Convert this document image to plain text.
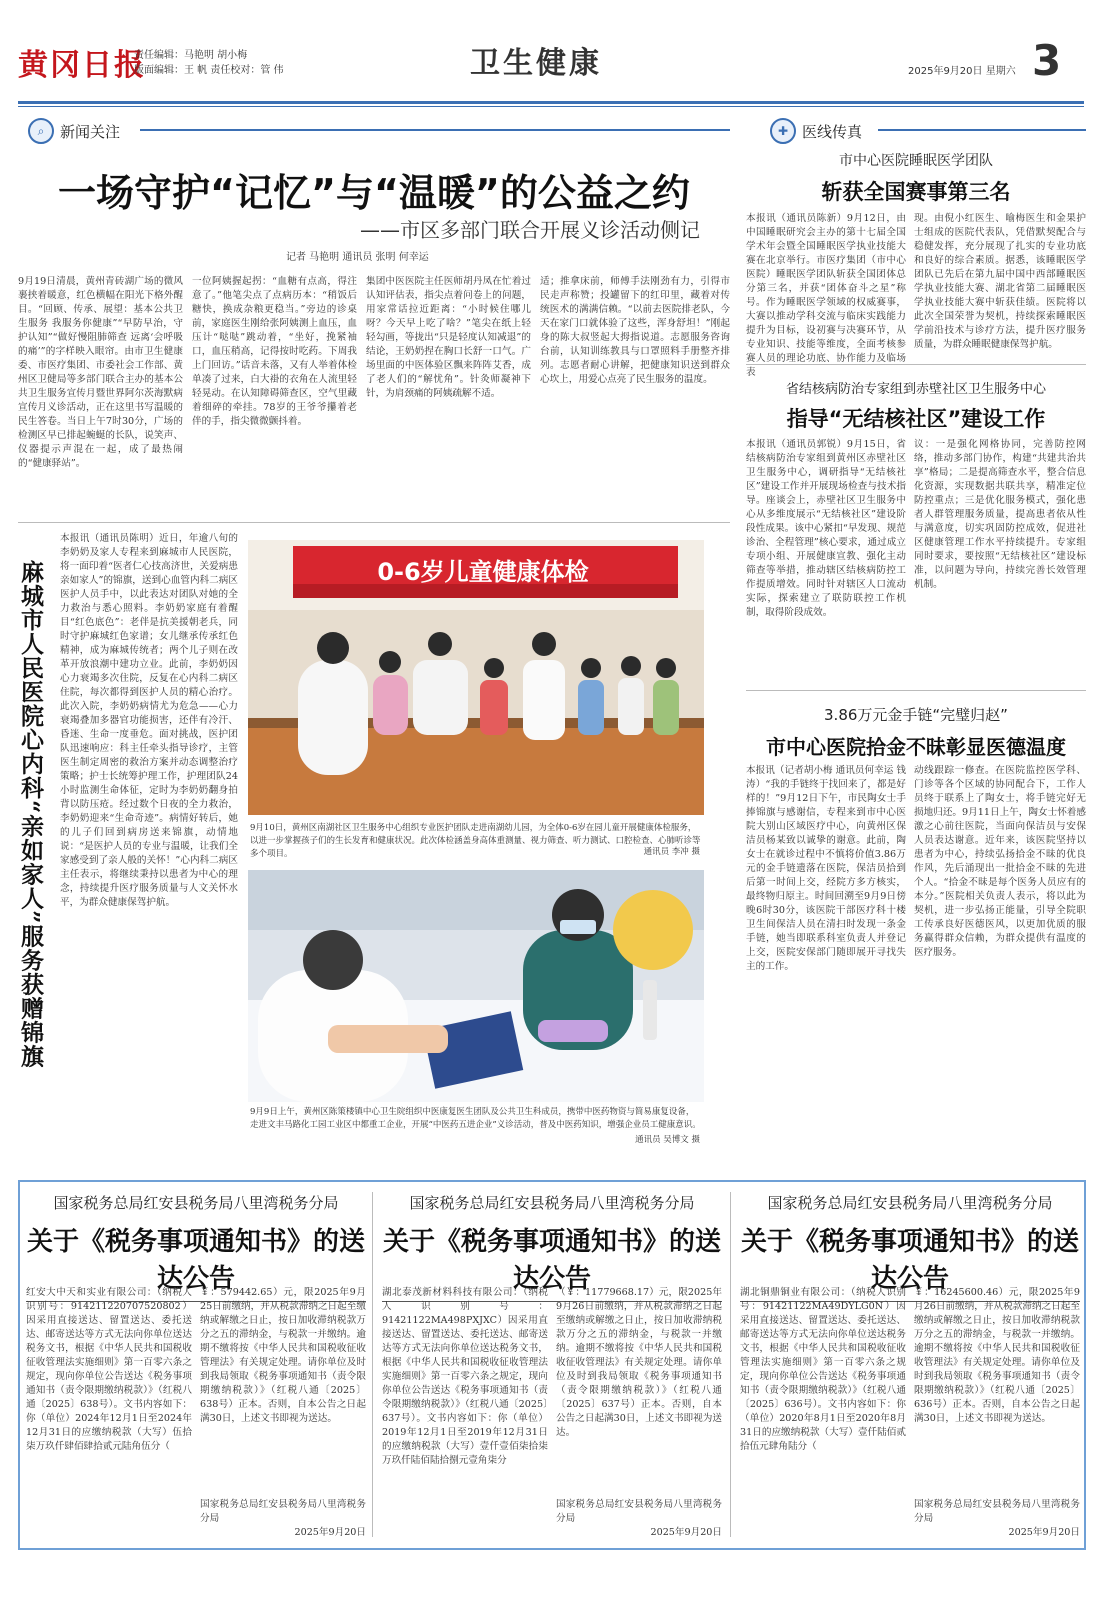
黄冈日报
责任编辑：马艳明 胡小梅
版面编辑：王 帆 责任校对：管 伟	卫生健康	2025年9月20日 星期六 3
⌕	新闻关注	✚ 医线传真
一场守护“记忆”与“温暖”的公益之约
——市区多部门联合开展义诊活动侧记
记者 马艳明 通讯员 张明 何幸运
9月19日清晨，黄州青砖湖广场的微风裹挟着暖意，红色横幅在阳光下格外醒目。“回顾、传承、展望：基本公共卫生服务 我服务你健康”“早防早治，守护认知”“做好慢阻肺筛查 远离‘会呼吸的痛’”的字样映入眼帘。由市卫生健康委、市医疗集团、市委社会工作部、黄州区卫健局等多部门联合主办的基本公共卫生服务宣传月暨世界阿尔茨海默病宣传月义诊活动，正在这里书写温暖的民生答卷。当日上午7时30分，广场的检测区早已排起蜿蜒的长队，说笑声、仪器提示声混在一起，成了最热闹的“健康驿站”。
一位阿姨握起拐：“血糖有点高，得注意了。”他笔尖点了点病历本：“稍饭后糖快，换成杂粮更稳当。”旁边的诊桌前，家庭医生刚给张阿姨测上血压，血压计“哒哒”跳动着，“坐好，挽紧袖口，血压稍高，记得按时吃药。下周我上门回访。”话音未落，又有人举着体检单凑了过来，白大褂的衣角在人流里轻轻晃动。在认知障碍筛查区，空气里藏着细碎的牵挂。78岁的王爷爷攥着老伴的手，指尖微微颤抖着。
集团中医医院主任医师胡丹凤在忙着过认知评估表，指尖点着问卷上的问题，用家常话拉近距离：“小时候住哪儿呀？今天早上吃了啥？”笔尖在纸上轻轻勾画，等拢出“只是轻度认知减退”的结论，王奶奶捏在胸口长舒一口气。广场里面的中医体验区飘来阵阵艾香，成了老人们的“解忧角”。针灸师凝神下针，为肩颈痛的阿姨疏解不适。
适；推拿床前，师傅手法刚劲有力，引得市民走声称赞；投罐留下的红印里，藏着对传统医术的满满信赖。“以前去医院排老队，今天在家门口就体验了这些，浑身舒坦！”刚起身的陈大叔竖起大拇指说道。志愿服务咨询台前，认知训练教具与口罩照料手册整齐排列。志愿者耐心讲解，把健康知识送到群众心坎上，用爱心点亮了民生服务的温度。
麻城市人民医院心内科“亲如家人”服务获赠锦旗
本报讯（通讯员陈明）近日，年逾八旬的李奶奶及家人专程来到麻城市人民医院，将一面印着“医者仁心技高济世，关爱病患亲如家人”的锦旗，送到心血管内科二病区医护人员手中，以此表达对团队对她的全力救治与悉心照料。李奶奶家庭有着醒目“红色底色”：老伴是抗美援朝老兵，同时守护麻城红色家谱；女儿继承传承红色精神，成为麻城传统者；两个儿子则在改革开放浪潮中建功立业。此前，李奶奶因心力衰竭多次住院，反复在心内科二病区住院，每次都得到医护人员的精心治疗。此次入院，李奶奶病情尤为危急——心力衰竭叠加多器官功能损害，还伴有冷汗、昏迷、生命一度垂危。面对挑战，医护团队迅速响应：科主任牵头指导诊疗，主管医生制定周密的救治方案并动态调整治疗策略；护士长统筹护理工作，护理团队24小时监测生命体征，定时为李奶奶翻身拍背以防压疮。经过数个日夜的全力救治，李奶奶迎来“生命奇迹”。病情好转后，她的儿子们回到病房送来锦旗，动情地说：“是医护人员的专业与温暖，让我们全家感受到了亲人般的关怀！”心内科二病区主任表示，将继续秉持以患者为中心的理念，持续提升医疗服务质量与人文关怀水平，为群众健康保驾护航。
0-6岁儿童健康体检
9月10日，黄州区南湖社区卫生服务中心组织专业医护团队走进南湖幼儿园，为全体0-6岁在园儿童开展健康体检服务，以进一步掌握孩子们的生长发育和健康状况。此次体检涵盖身高体重测量、视力筛查、听力测试、口腔检查、心肺听诊等多个项目。	通讯员 李冲 摄
9月9日上午，黄州区陈策楼镇中心卫生院组织中医康复医生团队及公共卫生科成员，携带中医药物资与简易康复设备，走进文丰马路化工园工业区中都重工企业，开展“中医药五进企业”义诊活动，普及中医药知识，增强企业员工健康意识。
通讯员 吴博文 摄
市中心医院睡眠医学团队
斩获全国赛事第三名
本报讯（通讯员陈新）9月12日，由中国睡眠研究会主办的第十七届全国学术年会暨全国睡眠医学执业技能大赛在北京举行。市医疗集团（市中心医院）睡眠医学团队斩获全国团体总分第三名，并获“团体奋斗之星”称号。作为睡眠医学领域的权威赛事，大赛以推动学科交流与临床实践能力提升为目标，设初赛与决赛环节，从专业知识、技能等维度，全面考核参赛人员的理论功底、协作能力及临场表
现。由倪小红医生、喻梅医生和金果护士组成的医院代表队，凭借默契配合与稳健发挥，充分展现了扎实的专业功底和良好的综合素质。据悉，该睡眠医学团队已先后在第九届中国中西部睡眠医学执业技能大赛、湖北省第二届睡眠医学执业技能大赛中斩获佳绩。医院将以此次全国荣誉为契机，持续探索睡眠医学前沿技术与诊疗方法，提升医疗服务质量，为群众睡眠健康保驾护航。
省结核病防治专家组到赤壁社区卫生服务中心
指导“无结核社区”建设工作
本报讯（通讯员郭锐）9月15日，省结核病防治专家组到黄州区赤壁社区卫生服务中心，调研指导“无结核社区”建设工作并开展现场检查与技术指导。座谈会上，赤壁社区卫生服务中心从多维度展示“无结核社区”建设阶段性成果。该中心紧扣“早发现、规范诊治、全程管理”核心要求，通过成立专项小组、开展健康宣教、强化主动筛查等举措，推动辖区结核病防控工作提质增效。同时针对辖区人口流动实际，探索建立了联防联控工作机制，取得阶段成效。
议：一是强化网格协同，完善防控网络，推动多部门协作，构建“共建共治共享”格局；二是提高筛查水平，整合信息化资源，实现数据共联共享，精准定位防控重点；三是优化服务模式，强化患者人群管理服务质量，提高患者依从性与满意度，切实巩固防控成效，促进社区健康管理工作水平持续提升。专家组同时要求，要按照“无结核社区”建设标准，以问题为导向，持续完善长效管理机制。
3.86万元金手链“完璧归赵”
市中心医院拾金不昧彰显医德温度
本报讯（记者胡小梅 通讯员何幸运 钱涛）“我的手链终于找回来了，都是好样的！”9月12日下午，市民陶女士手捧锦旗与感谢信，专程来到市中心医院大别山区域医疗中心，向黄州区保洁员杨某致以诚挚的谢意。此前，陶女士在就诊过程中不慎将价值3.86万元的金手链遗落在医院，保洁员拾到后第一时间上交，经院方多方核实，最终物归原主。时间回溯至9月9日傍晚6时30分，该医院干部医疗科十楼卫生间保洁人员在清扫时发现一条金手链，她当即联系科室负责人并登记上交，医院安保部门随即展开寻找失主的工作。
动线跟踪一修查。在医院监控医学科、门诊等各个区域的协同配合下，工作人员终于联系上了陶女士，将手链完好无损地归还。9月11日上午，陶女士怀着感激之心前往医院，当面向保洁员与安保人员表达谢意。近年来，该医院坚持以患者为中心，持续弘扬拾金不昧的优良作风，先后涌现出一批拾金不昧的先进个人。“拾金不昧是每个医务人员应有的本分。”医院相关负责人表示，将以此为契机，进一步弘扬正能量，引导全院职工传承良好医德医风，以更加优质的服务赢得群众信赖，为群众提供有温度的医疗服务。
国家税务总局红安县税务局八里湾税务分局
关于《税务事项通知书》的送达公告
红安大中天和实业有限公司：（纳税人识别号：914211220707520802）因采用直接送达、留置送达、委托送达、邮寄送达等方式无法向你单位送达税务文书，根据《中华人民共和国税收征收管理法实施细则》第一百零六条之规定，现向你单位公告送达《税务事项通知书（责令限期缴纳税款）》（红税八通〔2025〕638号）。文书内容如下：你（单位）2024年12月1日至2024年12月31日的应缴纳税款（大写）伍拾柒万玖仟肆佰肆拾贰元陆角伍分（
￥：579442.65）元，限2025年9月25日前缴纳，并从税款滞纳之日起至缴纳或解缴之日止，按日加收滞纳税款万分之五的滞纳金，与税款一并缴纳。逾期不缴将按《中华人民共和国税收征收管理法》有关规定处理。请你单位及时到我局领取《税务事项通知书（责令限期缴纳税款）》（红税八通〔2025〕638号）正本。否则，自本公告之日起满30日，上述文书即视为送达。
国家税务总局红安县税务局八里湾税务分局
2025年9月20日
国家税务总局红安县税务局八里湾税务分局
关于《税务事项通知书》的送达公告
湖北泰茂新材料科技有限公司：（纳税人识别号：91421122MA498PXJXC）因采用直接送达、留置送达、委托送达、邮寄送达等方式无法向你单位送达税务文书，根据《中华人民共和国税收征收管理法实施细则》第一百零六条之规定，现向你单位公告送达《税务事项通知书（责令限期缴纳税款）》（红税八通〔2025〕637号）。文书内容如下：你（单位）2019年12月1日至2019年12月31日的应缴纳税款（大写）壹仟壹佰柒拾柒万玖仟陆佰陆拾捌元壹角柒分
（￥：11779668.17）元，限2025年9月26日前缴纳，并从税款滞纳之日起至缴纳或解缴之日止，按日加收滞纳税款万分之五的滞纳金，与税款一并缴纳。逾期不缴将按《中华人民共和国税收征收管理法》有关规定处理。请你单位及时到我局领取《税务事项通知书（责令限期缴纳税款）》（红税八通〔2025〕637号）正本。否则，自本公告之日起满30日，上述文书即视为送达。
国家税务总局红安县税务局八里湾税务分局
2025年9月20日
国家税务总局红安县税务局八里湾税务分局
关于《税务事项通知书》的送达公告
湖北铜鼎铜业有限公司：（纳税人识别号：91421122MA49DYLG0N）因采用直接送达、留置送达、委托送达、邮寄送达等方式无法向你单位送达税务文书，根据《中华人民共和国税收征收管理法实施细则》第一百零六条之规定，现向你单位公告送达《税务事项通知书（责令限期缴纳税款）》（红税八通〔2025〕636号）。文书内容如下：你（单位）2020年8月1日至2020年8月31日的应缴纳税款（大写）壹仟陆佰贰拾伍元肆角陆分（
￥：16245600.46）元，限2025年9月26日前缴纳，并从税款滞纳之日起至缴纳或解缴之日止，按日加收滞纳税款万分之五的滞纳金，与税款一并缴纳。逾期不缴将按《中华人民共和国税收征收管理法》有关规定处理。请你单位及时到我局领取《税务事项通知书（责令限期缴纳税款）》（红税八通〔2025〕636号）正本。否则，自本公告之日起满30日，上述文书即视为送达。
国家税务总局红安县税务局八里湾税务分局
2025年9月20日
